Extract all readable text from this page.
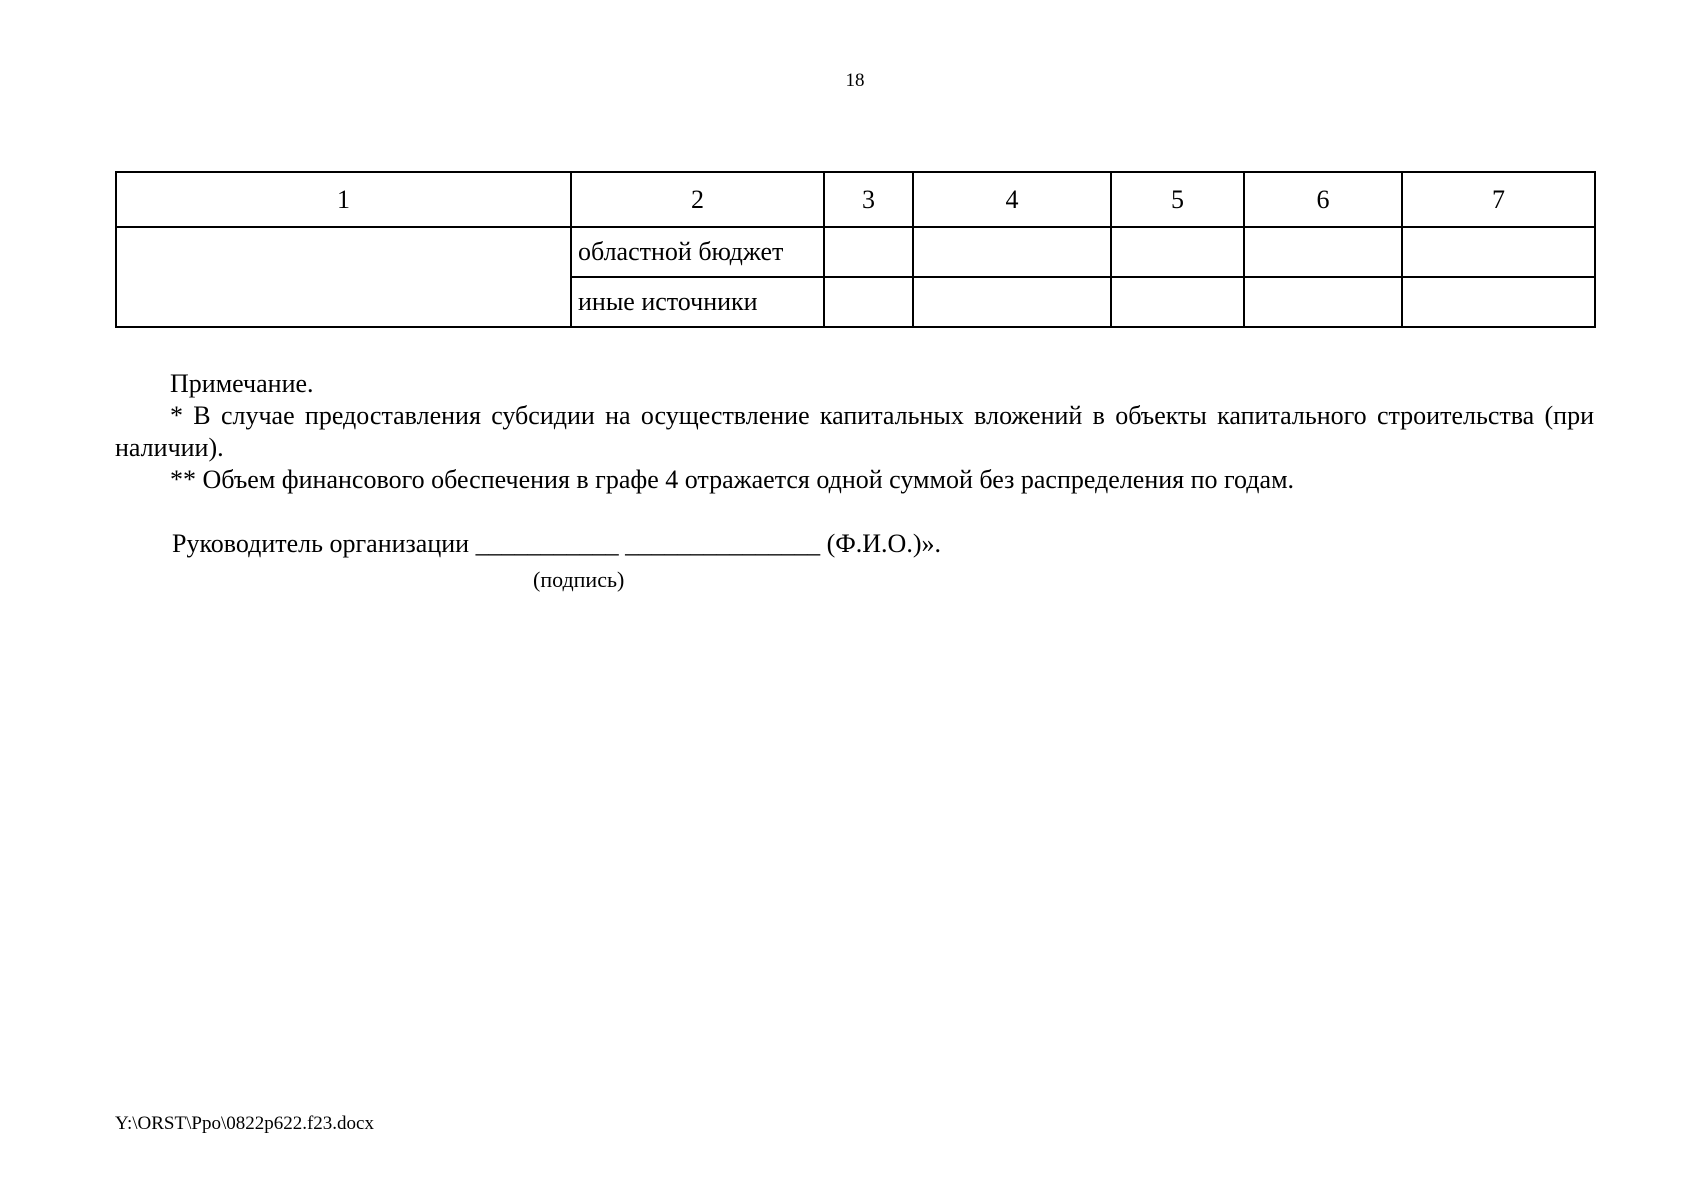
18
1	2	3	4	5	6	7
	областной бюджет					
	иные источники					

Примечание.

* В случае предоставления субсидии на осуществление капитальных вложений в объекты капитального строительства (при наличии).

** Объем финансового обеспечения в графе 4 отражается одной суммой без распределения по годам.

Руководитель организации ___________ _______________ (Ф.И.О.)».
(подпись)
Y:\ORST\Ppo\0822p622.f23.docx
